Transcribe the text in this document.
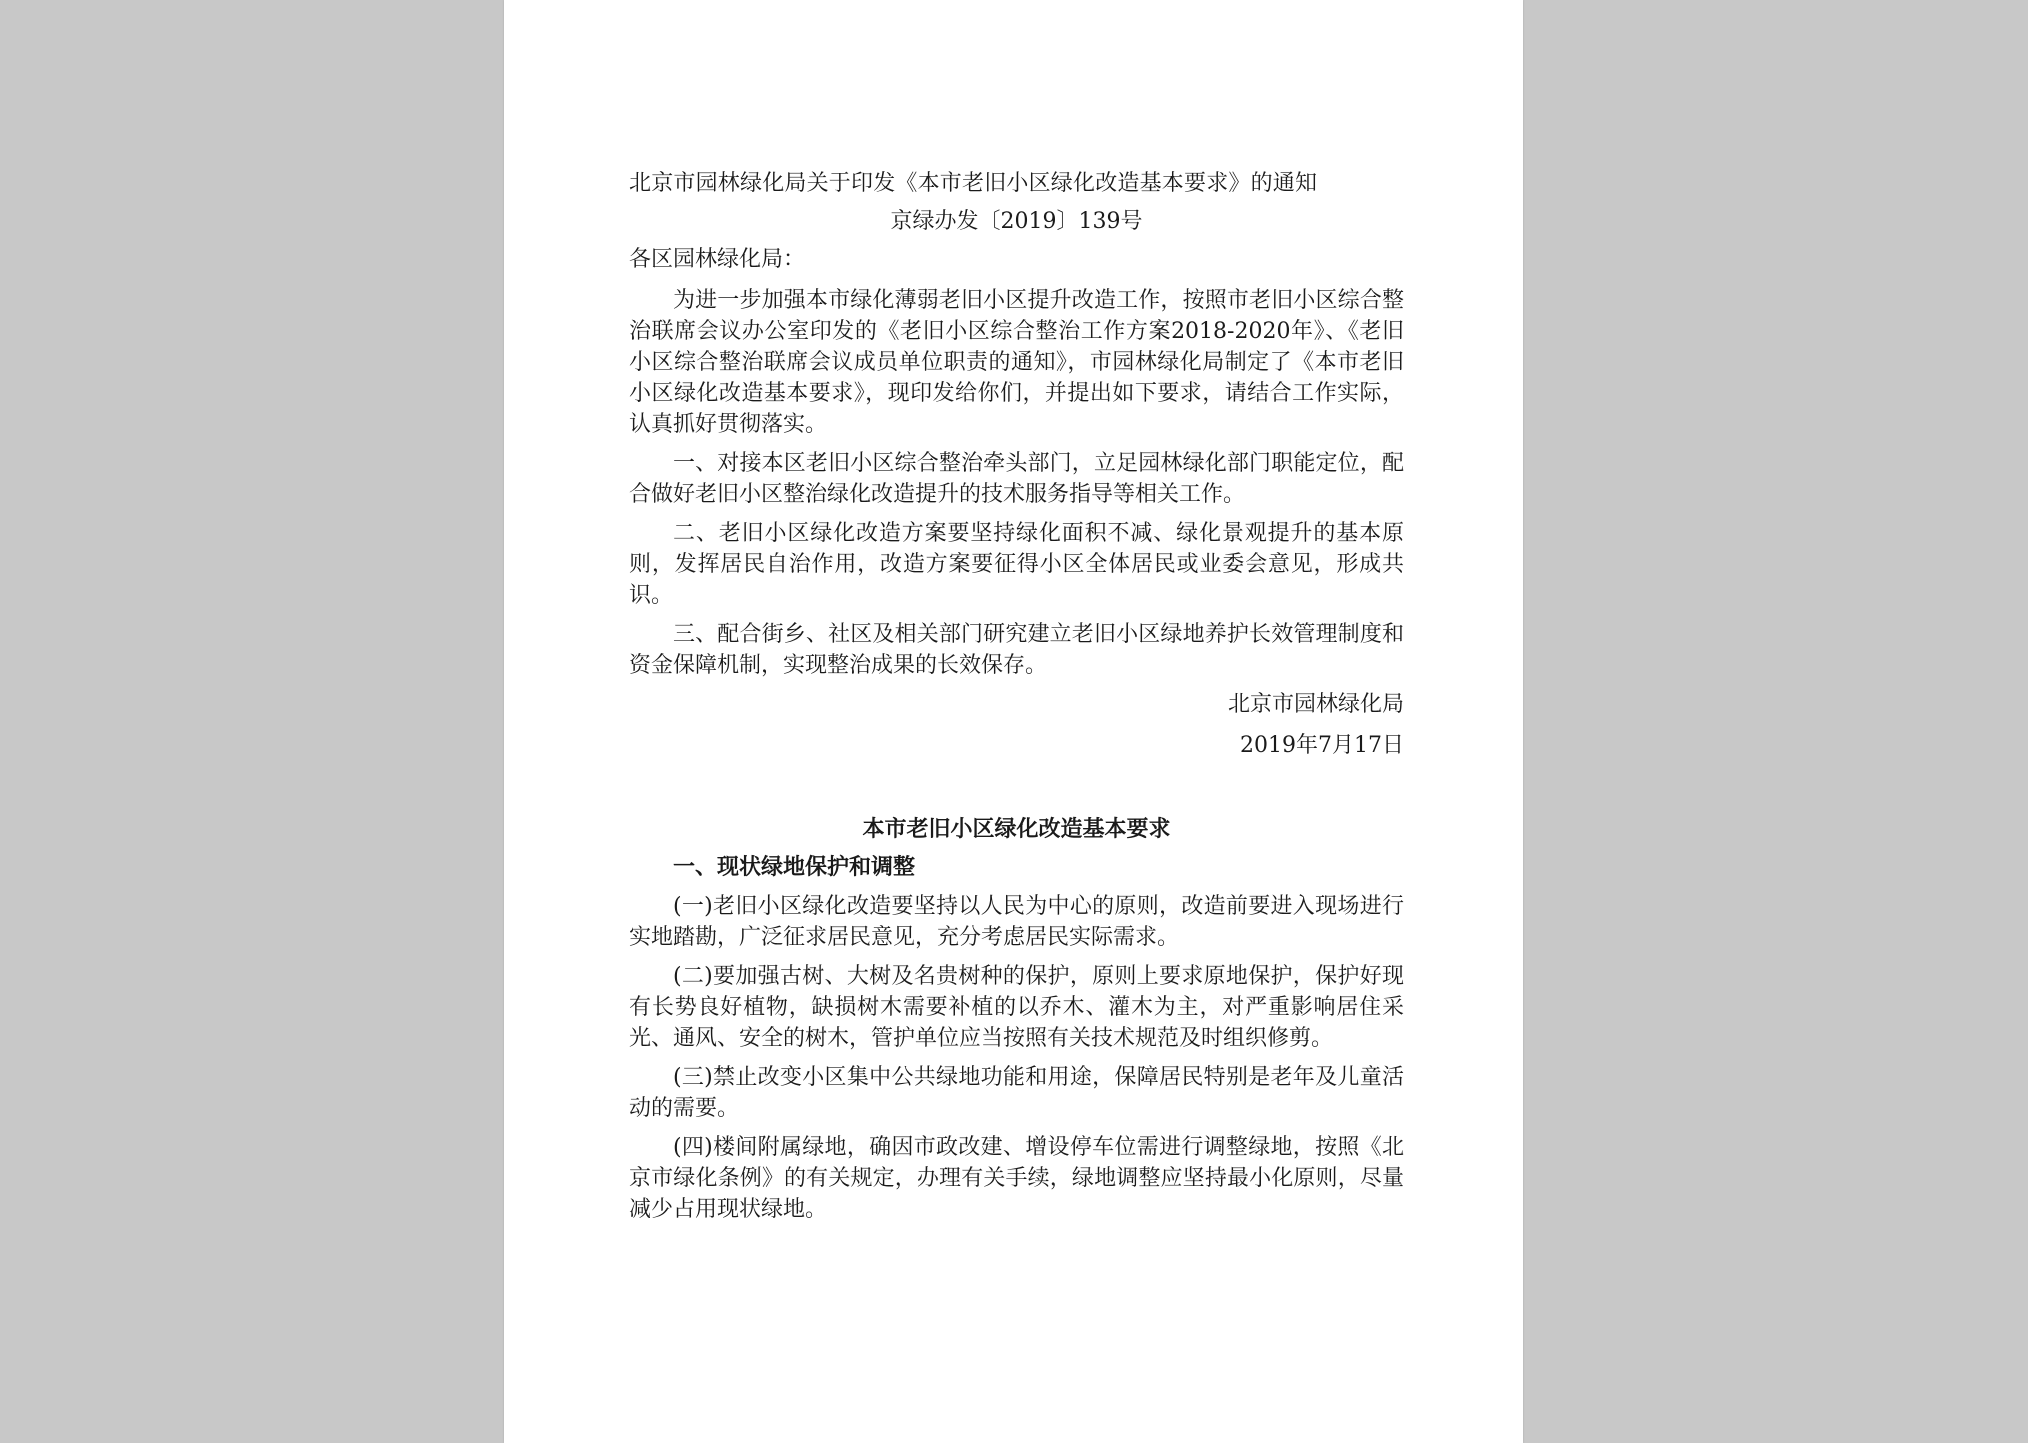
北京市园林绿化局关于印发《本市老旧小区绿化改造基本要求》的通知

京绿办发〔2019〕139号

各区园林绿化局：

为进一步加强本市绿化薄弱老旧小区提升改造工作，按照市老旧小区综合整治联席会议办公室印发的《老旧小区综合整治工作方案2018-2020年》、《老旧小区综合整治联席会议成员单位职责的通知》，市园林绿化局制定了《本市老旧小区绿化改造基本要求》，现印发给你们，并提出如下要求，请结合工作实际，认真抓好贯彻落实。

一、对接本区老旧小区综合整治牵头部门，立足园林绿化部门职能定位，配合做好老旧小区整治绿化改造提升的技术服务指导等相关工作。

二、老旧小区绿化改造方案要坚持绿化面积不减、绿化景观提升的基本原则，发挥居民自治作用，改造方案要征得小区全体居民或业委会意见，形成共识。

三、配合街乡、社区及相关部门研究建立老旧小区绿地养护长效管理制度和资金保障机制，实现整治成果的长效保存。

北京市园林绿化局

2019年7月17日

本市老旧小区绿化改造基本要求
一、现状绿地保护和调整

(一)老旧小区绿化改造要坚持以人民为中心的原则，改造前要进入现场进行实地踏勘，广泛征求居民意见，充分考虑居民实际需求。

(二)要加强古树、大树及名贵树种的保护，原则上要求原地保护，保护好现有长势良好植物，缺损树木需要补植的以乔木、灌木为主，对严重影响居住采光、通风、安全的树木，管护单位应当按照有关技术规范及时组织修剪。

(三)禁止改变小区集中公共绿地功能和用途，保障居民特别是老年及儿童活动的需要。

(四)楼间附属绿地，确因市政改建、增设停车位需进行调整绿地，按照《北京市绿化条例》的有关规定，办理有关手续，绿地调整应坚持最小化原则，尽量减少占用现状绿地。
